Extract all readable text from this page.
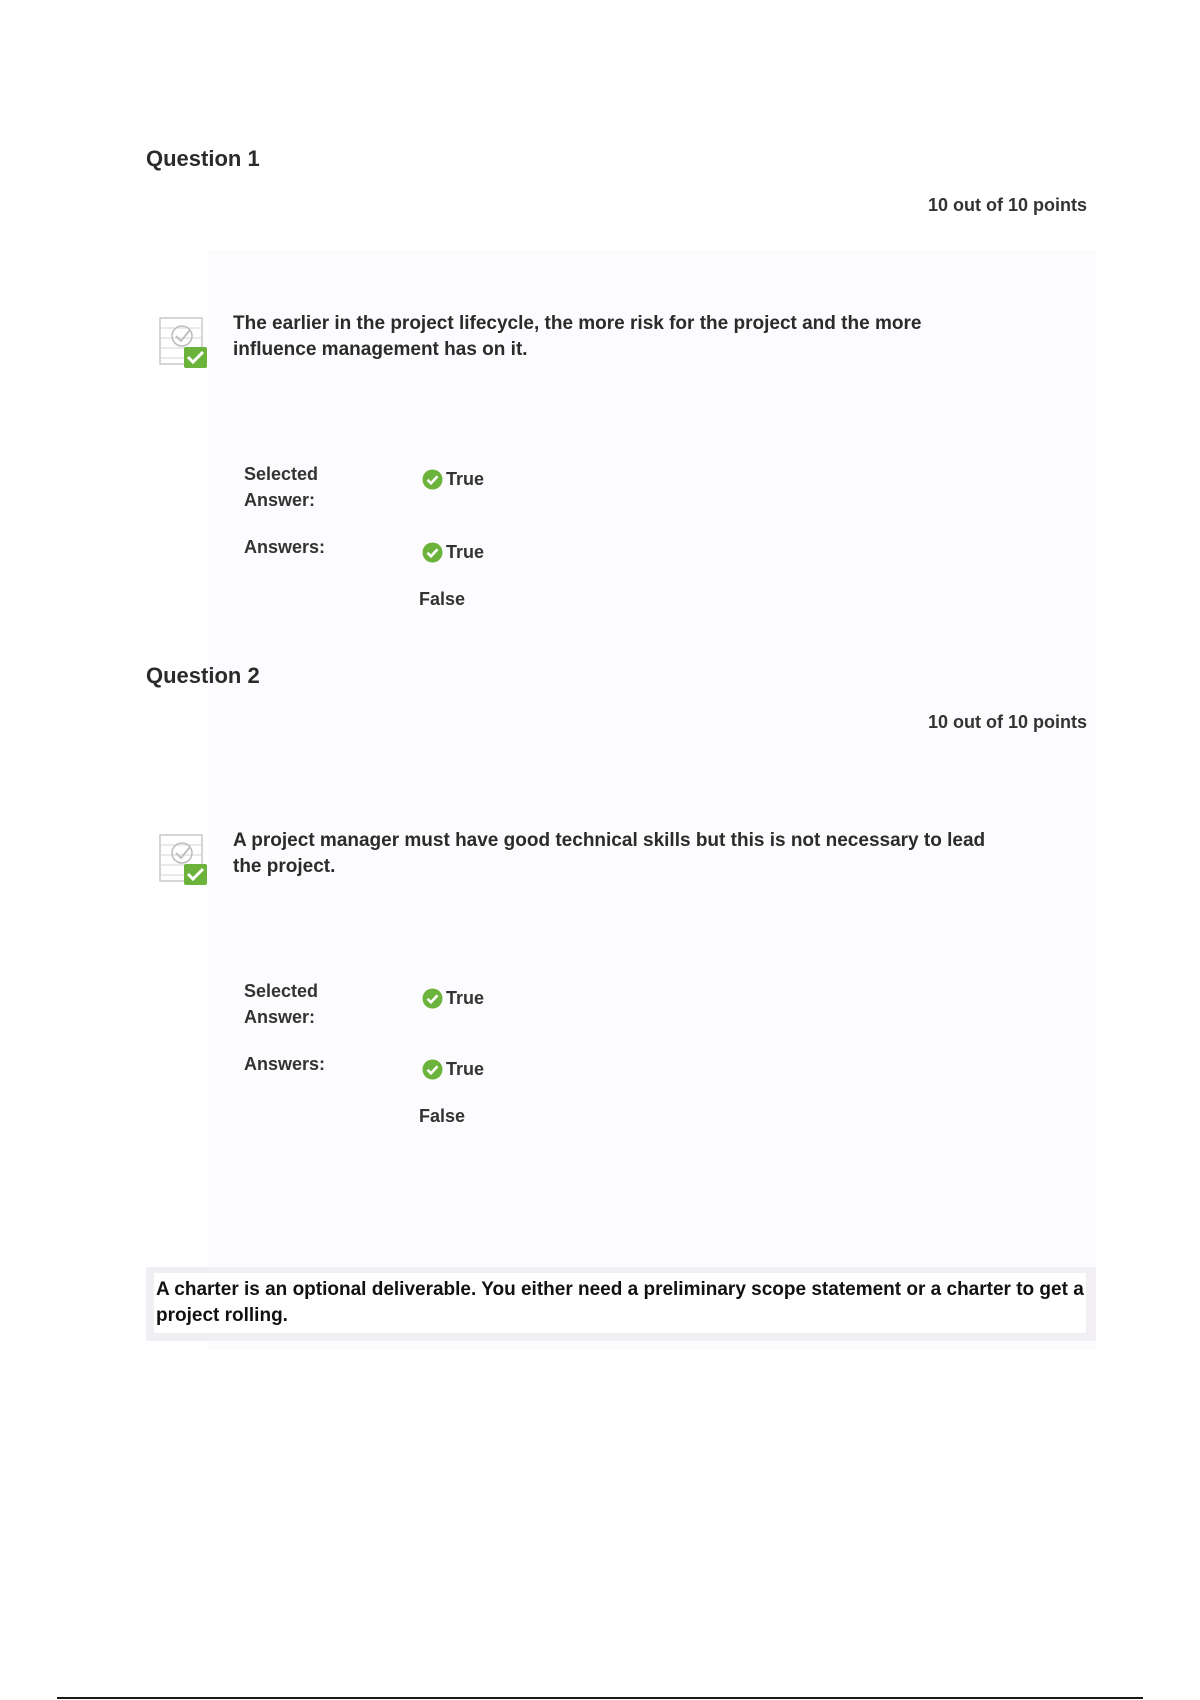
Question 1
10 out of 10 points
The earlier in the project lifecycle, the more risk for the project and the more influence management has on it.
Selected Answer:
True
Answers:	True
False
Question 2
10 out of 10 points
A project manager must have good technical skills but this is not necessary to lead the project.
Selected Answer:
True
Answers:	True
False
A charter is an optional deliverable. You either need a preliminary scope statement or a charter to get a project rolling.
